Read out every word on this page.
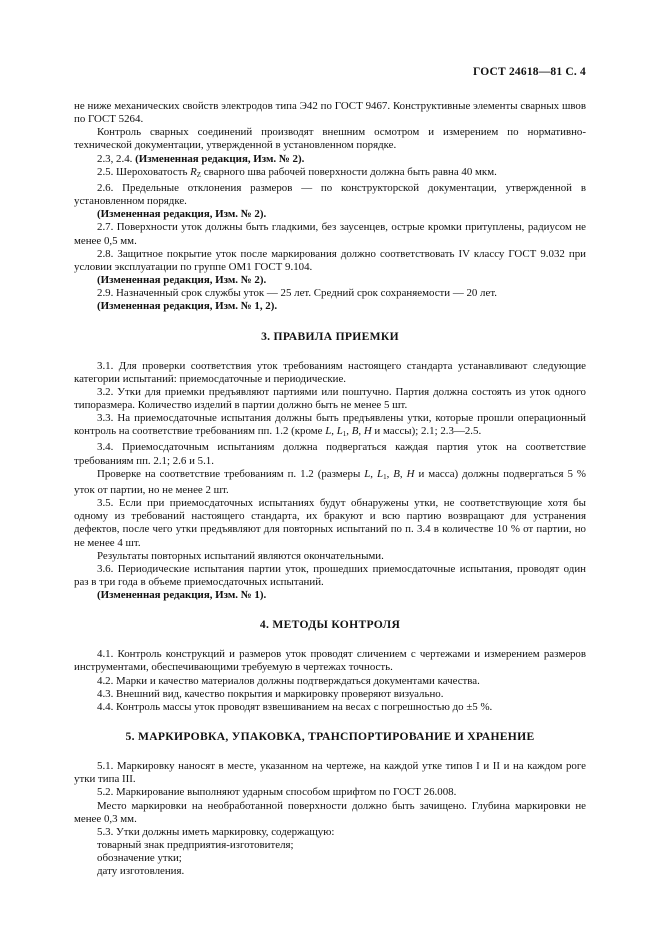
ГОСТ 24618—81 С. 4

не ниже механических свойств электродов типа Э42 по ГОСТ 9467. Конструктивные элементы сварных швов по ГОСТ 5264.

Контроль сварных соединений производят внешним осмотром и измерением по нормативно-технической документации, утвержденной в установленном порядке.

2.3, 2.4. (Измененная редакция, Изм. № 2).

2.5. Шероховатость $R_Z$ сварного шва рабочей поверхности должна быть равна 40 мкм.

2.6. Предельные отклонения размеров — по конструкторской документации, утвержденной в установленном порядке.

(Измененная редакция, Изм. № 2).

2.7. Поверхности уток должны быть гладкими, без заусенцев, острые кромки притуплены, радиусом не менее 0,5 мм.

2.8. Защитное покрытие уток после маркирования должно соответствовать IV классу ГОСТ 9.032 при условии эксплуатации по группе ОМ1 ГОСТ 9.104.

(Измененная редакция, Изм. № 2).

2.9. Назначенный срок службы уток — 25 лет. Средний срок сохраняемости — 20 лет.

(Измененная редакция, Изм. № 1, 2).

3. ПРАВИЛА ПРИЕМКИ

3.1. Для проверки соответствия уток требованиям настоящего стандарта устанавливают следующие категории испытаний: приемосдаточные и периодические.

3.2. Утки для приемки предъявляют партиями или поштучно. Партия должна состоять из уток одного типоразмера. Количество изделий в партии должно быть не менее 5 шт.

3.3. На приемосдаточные испытания должны быть предъявлены утки, которые прошли операционный контроль на соответствие требованиям пп. 1.2 (кроме L, $L_1$, B, H и массы); 2.1; 2.3—2.5.

3.4. Приемосдаточным испытаниям должна подвергаться каждая партия уток на соответствие требованиям пп. 2.1; 2.6 и 5.1.

Проверке на соответствие требованиям п. 1.2 (размеры L, $L_1$, B, H и масса) должны подвергаться 5 % уток от партии, но не менее 2 шт.

3.5. Если при приемосдаточных испытаниях будут обнаружены утки, не соответствующие хотя бы одному из требований настоящего стандарта, их бракуют и всю партию возвращают для устранения дефектов, после чего утки предъявляют для повторных испытаний по п. 3.4 в количестве 10 % от партии, но не менее 4 шт.

Результаты повторных испытаний являются окончательными.

3.6. Периодические испытания партии уток, прошедших приемосдаточные испытания, проводят один раз в три года в объеме приемосдаточных испытаний.

(Измененная редакция, Изм. № 1).

4. МЕТОДЫ КОНТРОЛЯ

4.1. Контроль конструкций и размеров уток проводят сличением с чертежами и измерением размеров инструментами, обеспечивающими требуемую в чертежах точность.

4.2. Марки и качество материалов должны подтверждаться документами качества.

4.3. Внешний вид, качество покрытия и маркировку проверяют визуально.

4.4. Контроль массы уток проводят взвешиванием на весах с погрешностью до ±5 %.

5. МАРКИРОВКА, УПАКОВКА, ТРАНСПОРТИРОВАНИЕ И ХРАНЕНИЕ

5.1. Маркировку наносят в месте, указанном на чертеже, на каждой утке типов I и II и на каждом роге утки типа III.

5.2. Маркирование выполняют ударным способом шрифтом по ГОСТ 26.008.

Место маркировки на необработанной поверхности должно быть зачищено. Глубина маркировки не менее 0,3 мм.

5.3. Утки должны иметь маркировку, содержащую:

товарный знак предприятия-изготовителя;

обозначение утки;

дату изготовления.
